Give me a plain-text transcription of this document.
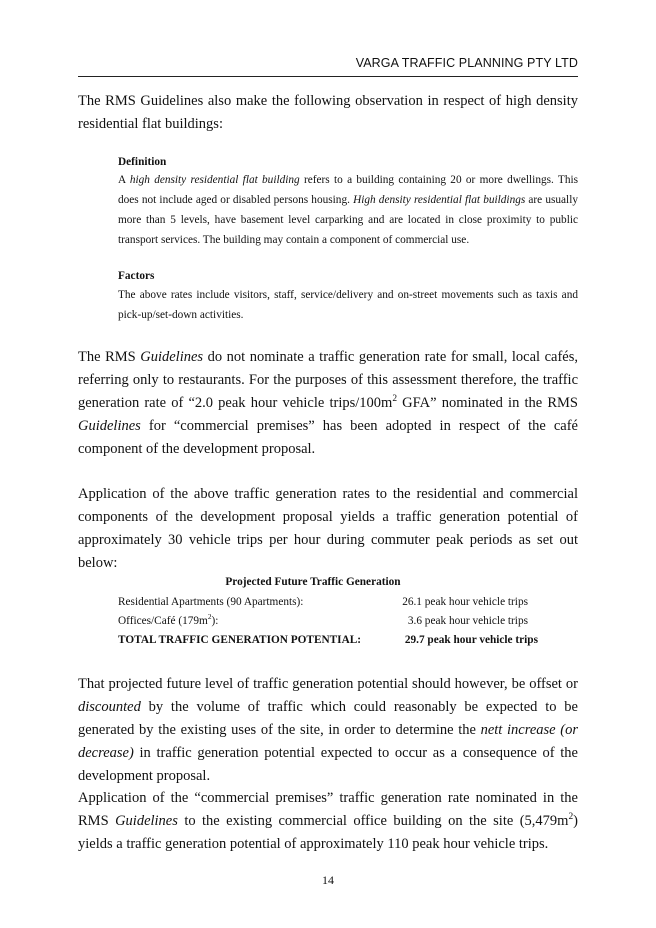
VARGA TRAFFIC PLANNING PTY LTD

The RMS Guidelines also make the following observation in respect of high density residential flat buildings:

Definition

A high density residential flat building refers to a building containing 20 or more dwellings. This does not include aged or disabled persons housing. High density residential flat buildings are usually more than 5 levels, have basement level carparking and are located in close proximity to public transport services. The building may contain a component of commercial use.

Factors

The above rates include visitors, staff, service/delivery and on-street movements such as taxis and pick-up/set-down activities.

The RMS Guidelines do not nominate a traffic generation rate for small, local cafés, referring only to restaurants. For the purposes of this assessment therefore, the traffic generation rate of “2.0 peak hour vehicle trips/$100m^2$ GFA” nominated in the RMS Guidelines for “commercial premises” has been adopted in respect of the café component of the development proposal.

Application of the above traffic generation rates to the residential and commercial components of the development proposal yields a traffic generation potential of approximately 30 vehicle trips per hour during commuter peak periods as set out below:

Projected Future Traffic Generation
Residential Apartments (90 Apartments):	26.1 peak hour vehicle trips
Offices/Café $(179m^2)$:	3.6 peak hour vehicle trips
TOTAL TRAFFIC GENERATION POTENTIAL:	29.7 peak hour vehicle trips

That projected future level of traffic generation potential should however, be offset or discounted by the volume of traffic which could reasonably be expected to be generated by the existing uses of the site, in order to determine the nett increase (or decrease) in traffic generation potential expected to occur as a consequence of the development proposal.

Application of the “commercial premises” traffic generation rate nominated in the RMS Guidelines to the existing commercial office building on the site $(5,479m^2)$ yields a traffic generation potential of approximately 110 peak hour vehicle trips.

14
